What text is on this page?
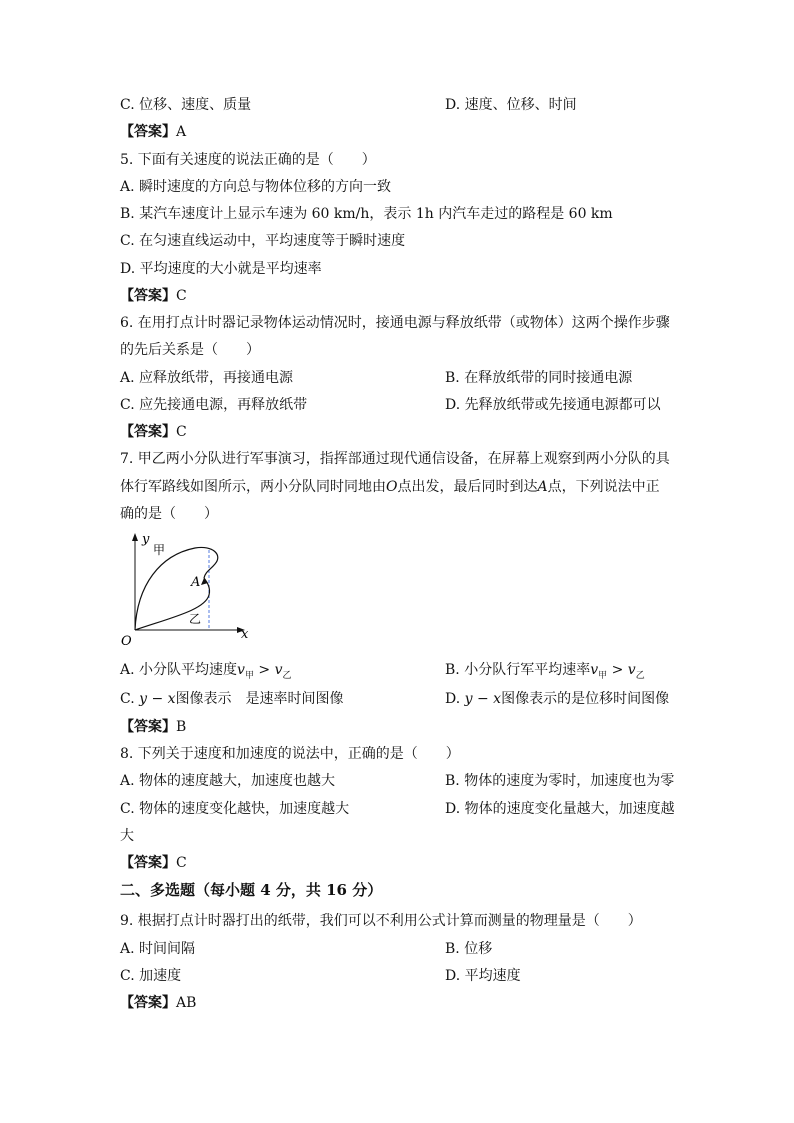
C. 位移、速度、质量	D. 速度、位移、时间
【答案】A
5. 下面有关速度的说法正确的是（　　）
A. 瞬时速度的方向总与物体位移的方向一致
B. 某汽车速度计上显示车速为 60 km/h，表示 1h 内汽车走过的路程是 60 km
C. 在匀速直线运动中，平均速度等于瞬时速度
D. 平均速度的大小就是平均速率
【答案】C
6. 在用打点计时器记录物体运动情况时，接通电源与释放纸带（或物体）这两个操作步骤
的先后关系是（　　）
A. 应释放纸带，再接通电源	B. 在释放纸带的同时接通电源
C. 应先接通电源，再释放纸带	D. 先释放纸带或先接通电源都可以
【答案】C
7. 甲乙两小分队进行军事演习，指挥部通过现代通信设备，在屏幕上观察到两小分队的具
体行军路线如图所示，两小分队同时同地由O点出发，最后同时到达A点，下列说法中正
确的是（　　）
y
甲
A
乙
O	x
A. 小分队平均速度$v_甲 > v_乙$	B. 小分队行军平均速率$v_甲 > v_乙$
C. y − x图像表示　是速率时间图像	D. y − x图像表示的是位移时间图像
【答案】B
8. 下列关于速度和加速度的说法中，正确的是（　　）
A. 物体的速度越大，加速度也越大	B. 物体的速度为零时，加速度也为零
C. 物体的速度变化越快，加速度越大	D. 物体的速度变化量越大，加速度越
大
【答案】C
二、多选题（每小题 4 分，共 16 分）
9. 根据打点计时器打出的纸带，我们可以不利用公式计算而测量的物理量是（　　）
A. 时间间隔	B. 位移
C. 加速度	D. 平均速度
【答案】AB
